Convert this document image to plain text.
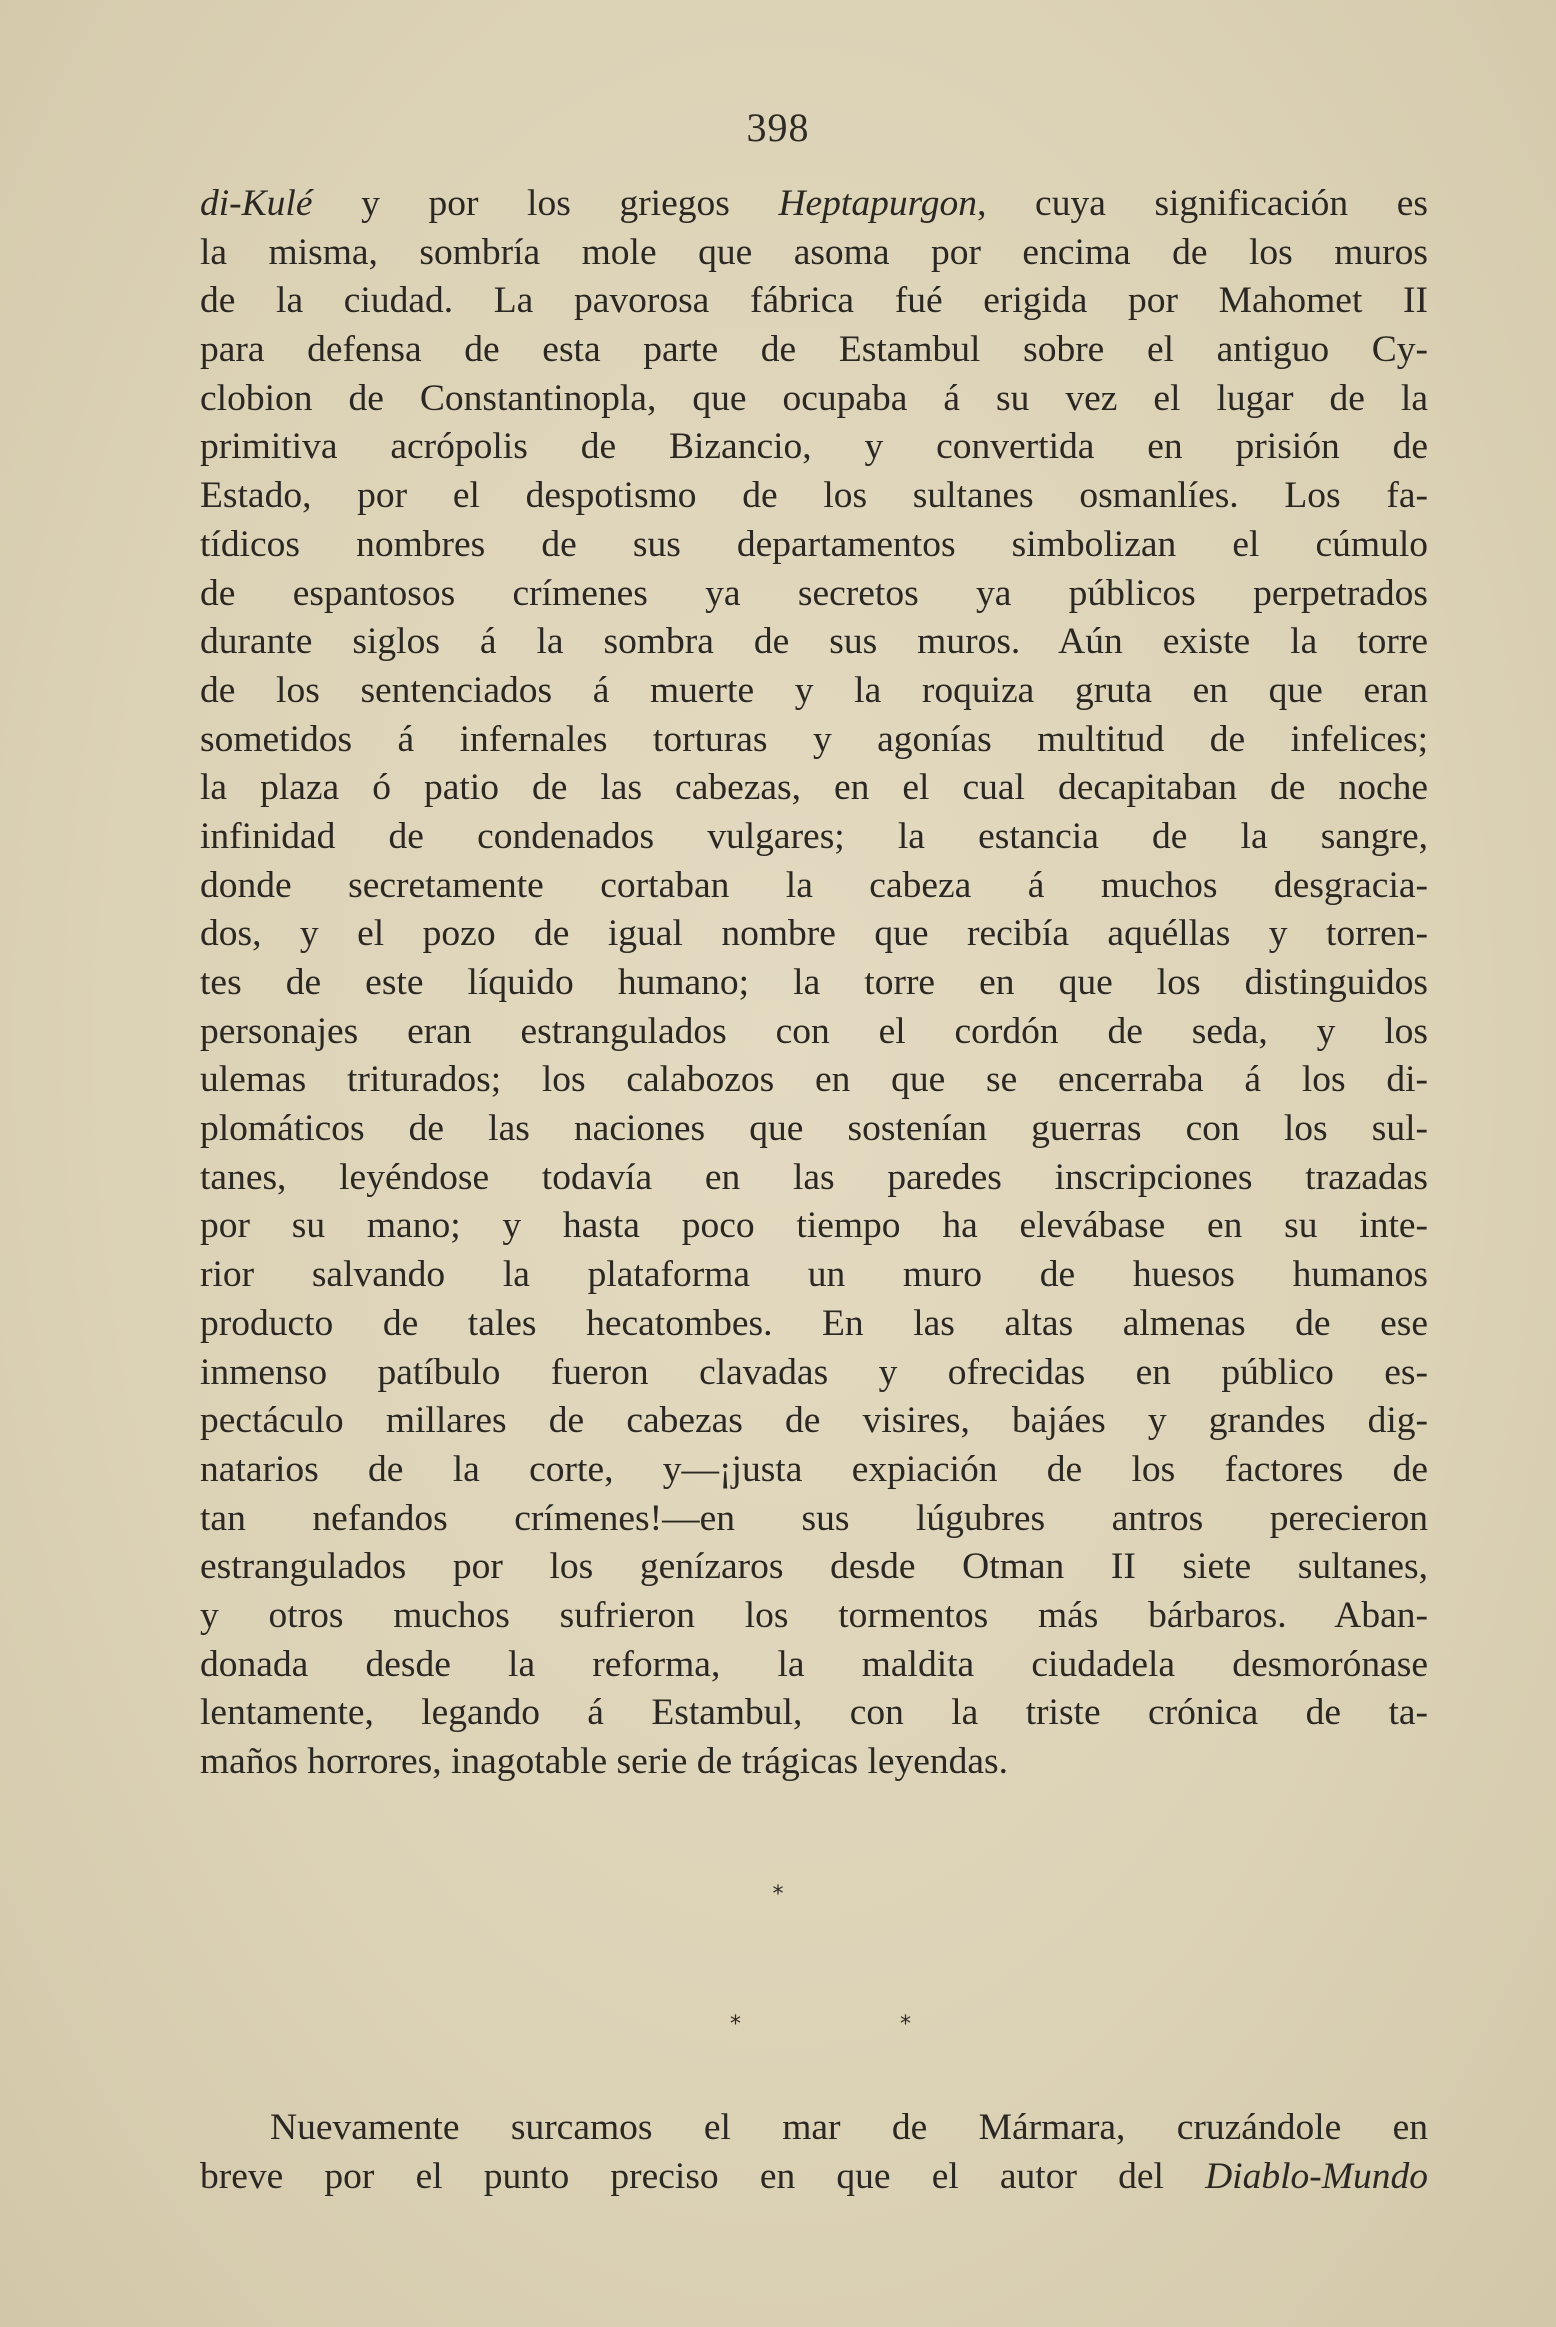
398
di-Kulé y por los griegos Heptapurgon, cuya significación es
la misma, sombría mole que asoma por encima de los muros
de la ciudad. La pavorosa fábrica fué erigida por Mahomet II
para defensa de esta parte de Estambul sobre el antiguo Cy-
clobion de Constantinopla, que ocupaba á su vez el lugar de la
primitiva acrópolis de Bizancio, y convertida en prisión de
Estado, por el despotismo de los sultanes osmanlíes. Los fa-
tídicos nombres de sus departamentos simbolizan el cúmulo
de espantosos crímenes ya secretos ya públicos perpetrados
durante siglos á la sombra de sus muros. Aún existe la torre
de los sentenciados á muerte y la roquiza gruta en que eran
sometidos á infernales torturas y agonías multitud de infelices;
la plaza ó patio de las cabezas, en el cual decapitaban de noche
infinidad de condenados vulgares; la estancia de la sangre,
donde secretamente cortaban la cabeza á muchos desgracia-
dos, y el pozo de igual nombre que recibía aquéllas y torren-
tes de este líquido humano; la torre en que los distinguidos
personajes eran estrangulados con el cordón de seda, y los
ulemas triturados; los calabozos en que se encerraba á los di-
plomáticos de las naciones que sostenían guerras con los sul-
tanes, leyéndose todavía en las paredes inscripciones trazadas
por su mano; y hasta poco tiempo ha elevábase en su inte-
rior salvando la plataforma un muro de huesos humanos
producto de tales hecatombes. En las altas almenas de ese
inmenso patíbulo fueron clavadas y ofrecidas en público es-
pectáculo millares de cabezas de visires, bajáes y grandes dig-
natarios de la corte, y—¡justa expiación de los factores de
tan nefandos crímenes!—en sus lúgubres antros perecieron
estrangulados por los genízaros desde Otman II siete sultanes,
y otros muchos sufrieron los tormentos más bárbaros. Aban-
donada desde la reforma, la maldita ciudadela desmorónase
lentamente, legando á Estambul, con la triste crónica de ta-
maños horrores, inagotable serie de trágicas leyendas.
*
*	*
Nuevamente surcamos el mar de Mármara, cruzándole en
breve por el punto preciso en que el autor del Diablo-Mundo
